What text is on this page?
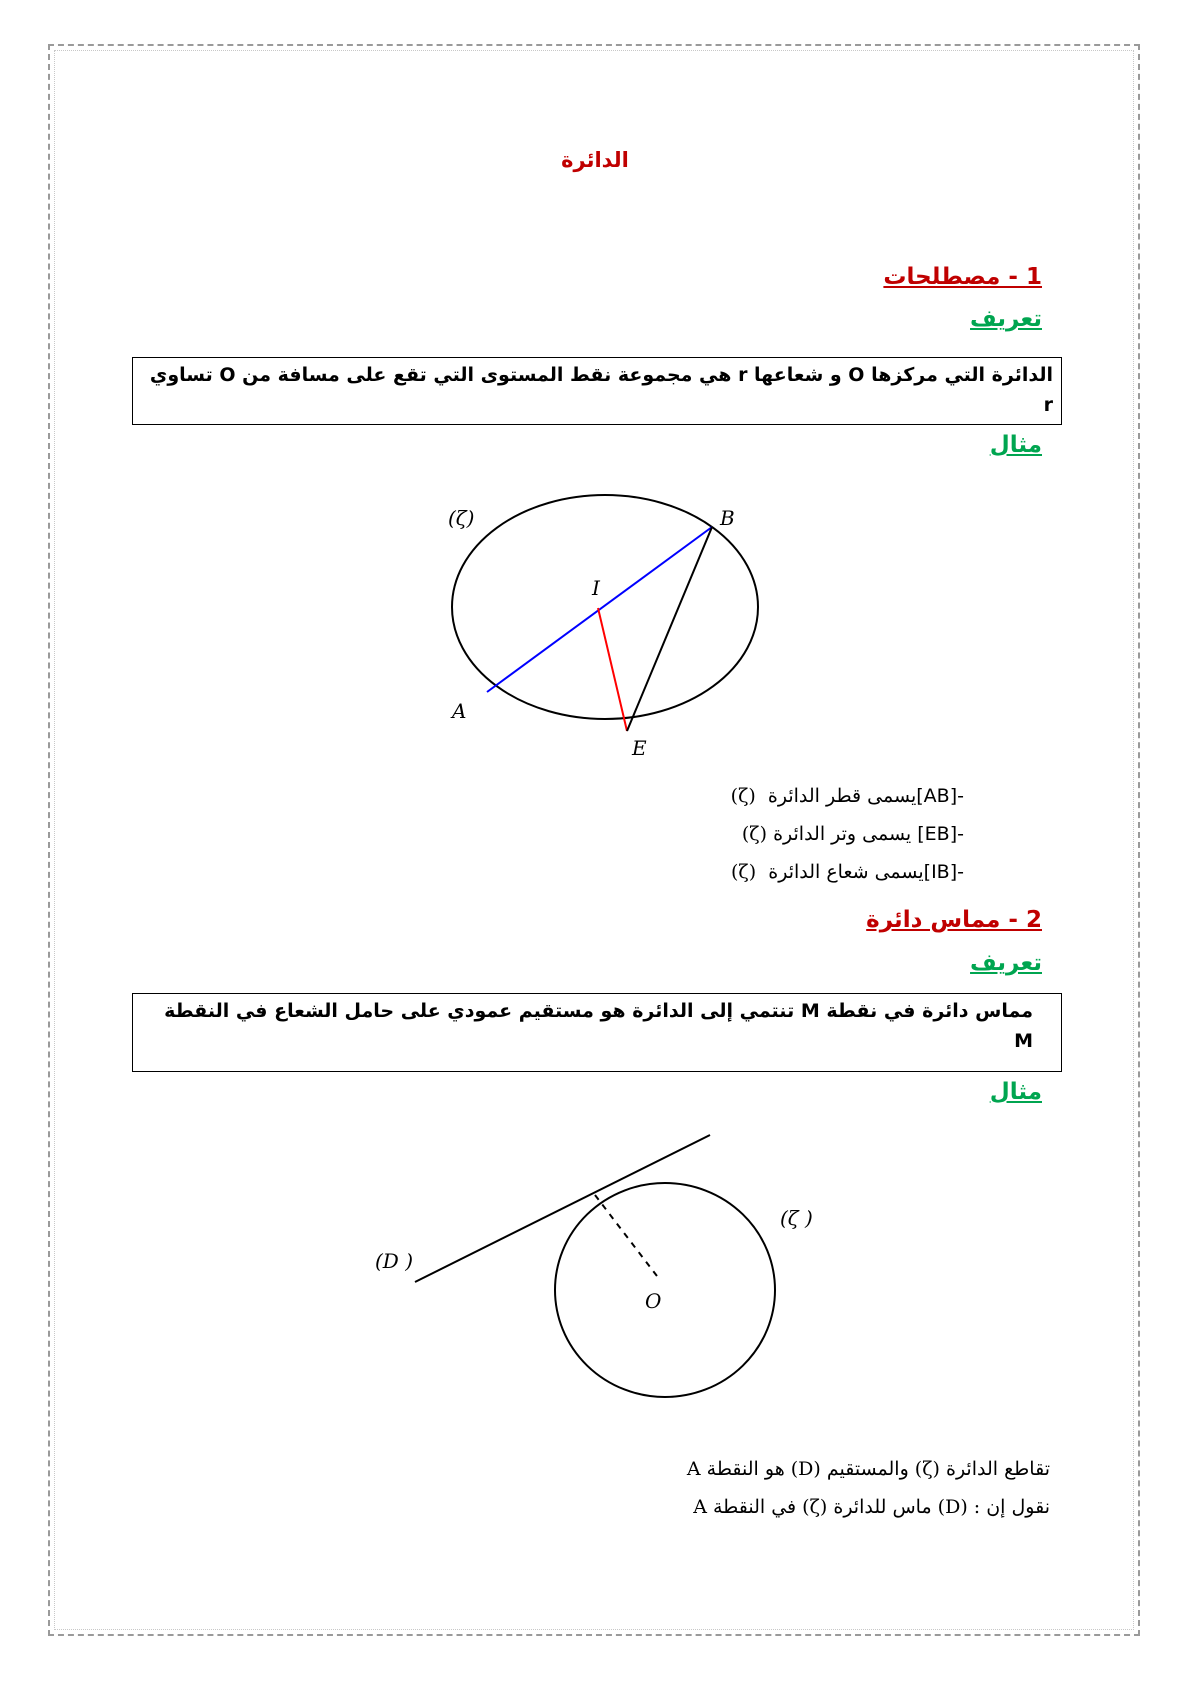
الدائرة
1 - مصطلحات
تعريف
الدائرة التي مركزها O و شعاعها r هي مجموعة نقط المستوى التي تقع على مسافة من O تساوي r
مثال
(ζ)	B
I
A
E
-[AB]يسمى قطر الدائرة  (ζ)
-[EB] يسمى وتر الدائرة (ζ)
-[IB]يسمى شعاع الدائرة  (ζ)
2 - مماس دائرة
تعريف
مماس دائرة في نقطة M تنتمي إلى الدائرة هو مستقيم عمودي على حامل الشعاع في النقطة M
مثال
(D )
(ζ )
O
تقاطع الدائرة (ζ) والمستقيم (D) هو النقطة A
نقول إن : (D) ماس للدائرة (ζ) في النقطة A
